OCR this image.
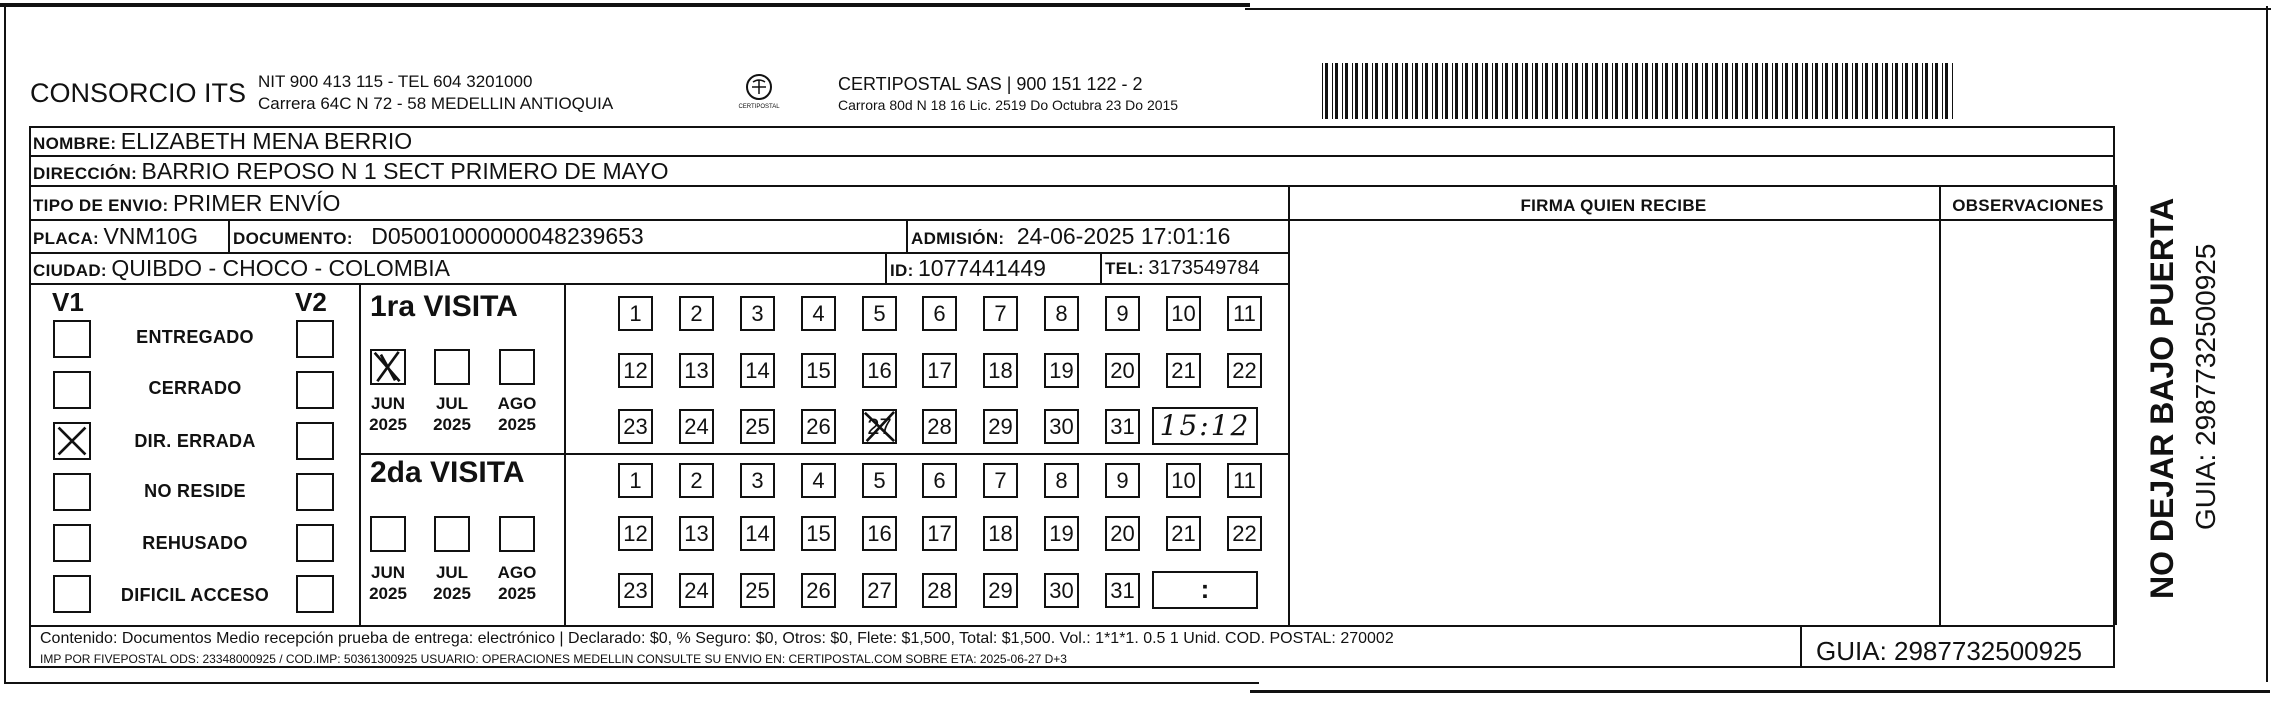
CONSORCIO ITS NIT 900 413 115 - TEL 604 3201000
Carrera 64C N 72 - 58 MEDELLIN ANTIOQUIA	CERTIPOSTAL
CERTIPOSTAL SAS | 900 151 122 - 2
Carrora 80d N 18 16 Lic. 2519 Do Octubra 23 Do 2015
NOMBRE: ELIZABETH MENA BERRIO
DIRECCIÓN: BARRIO REPOSO N 1 SECT PRIMERO DE MAYO
TIPO DE ENVIO: PRIMER ENVÍO
PLACA: VNM10G DOCUMENTO: D05001000000048239653	ADMISIÓN: 24-06-2025 17:01:16
CIUDAD: QUIBDO - CHOCO - COLOMBIA	ID: 1077441449	TEL: 3173549784
FIRMA QUIEN RECIBE	OBSERVACIONES
V1	V2
ENTREGADO
CERRADO
DIR. ERRADA
NO RESIDE
REHUSADO
DIFICIL ACCESO
1ra VISITA
JUN
2025
JUL
2025
AGO
2025
1	2	3	4	5	6	7	8	9	10 11
12 13 14 15 16 17 18 19 20 21 22
23 24 25 26 27 28 29 30 31 15:12
2da VISITA
JUN
2025
JUL
2025
AGO
2025
1	2	3	4	5	6	7	8	9	10 11
12 13 14 15 16 17 18 19 20 21 22
23 24 25 26 27 28 29 30 31	:
Contenido: Documentos Medio recepción prueba de entrega: electrónico | Declarado: $0, % Seguro: $0, Otros: $0, Flete: $1,500, Total: $1,500. Vol.: 1*1*1. 0.5 1 Unid. COD. POSTAL: 270002
IMP POR FIVEPOSTAL ODS: 23348000925 / COD.IMP: 50361300925 USUARIO: OPERACIONES MEDELLIN CONSULTE SU ENVIO EN: CERTIPOSTAL.COM SOBRE ETA: 2025-06-27 D+3	GUIA: 2987732500925
NO DEJAR BAJO PUERTA GUIA: 2987732500925
